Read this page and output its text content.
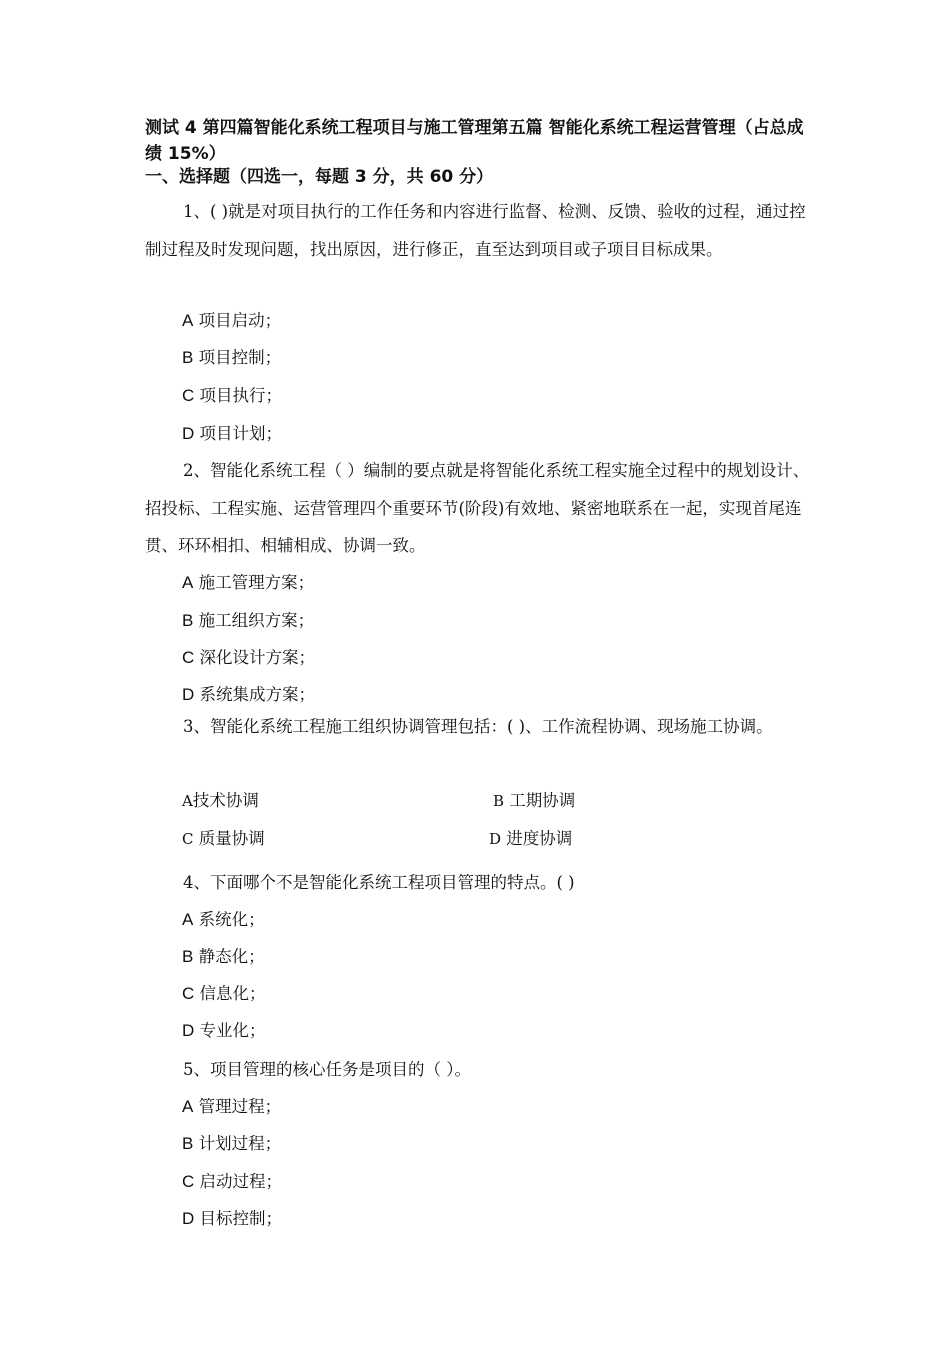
测试 4 第四篇智能化系统工程项目与施工管理第五篇 智能化系统工程运营管理（占总成绩 15%）
一、选择题（四选一，每题 3 分，共 60 分）
1、( )就是对项目执行的工作任务和内容进行监督、检测、反馈、验收的过程，通过控制过程及时发现问题，找出原因，进行修正，直至达到项目或子项目目标成果。
A 项目启动；
B 项目控制；
C 项目执行；
D 项目计划；
2、智能化系统工程（ ）编制的要点就是将智能化系统工程实施全过程中的规划设计、招投标、工程实施、运营管理四个重要环节(阶段)有效地、紧密地联系在一起，实现首尾连贯、环环相扣、相辅相成、协调一致。
A 施工管理方案；
B 施工组织方案；
C 深化设计方案；
D 系统集成方案；
3、智能化系统工程施工组织协调管理包括：( )、工作流程协调、现场施工协调。
A技术协调	B 工期协调
C 质量协调	D 进度协调
4、下面哪个不是智能化系统工程项目管理的特点。( )
A 系统化；
B 静态化；
C 信息化；
D 专业化；
5、项目管理的核心任务是项目的（ ）。
A 管理过程；
B 计划过程；
C 启动过程；
D 目标控制；
